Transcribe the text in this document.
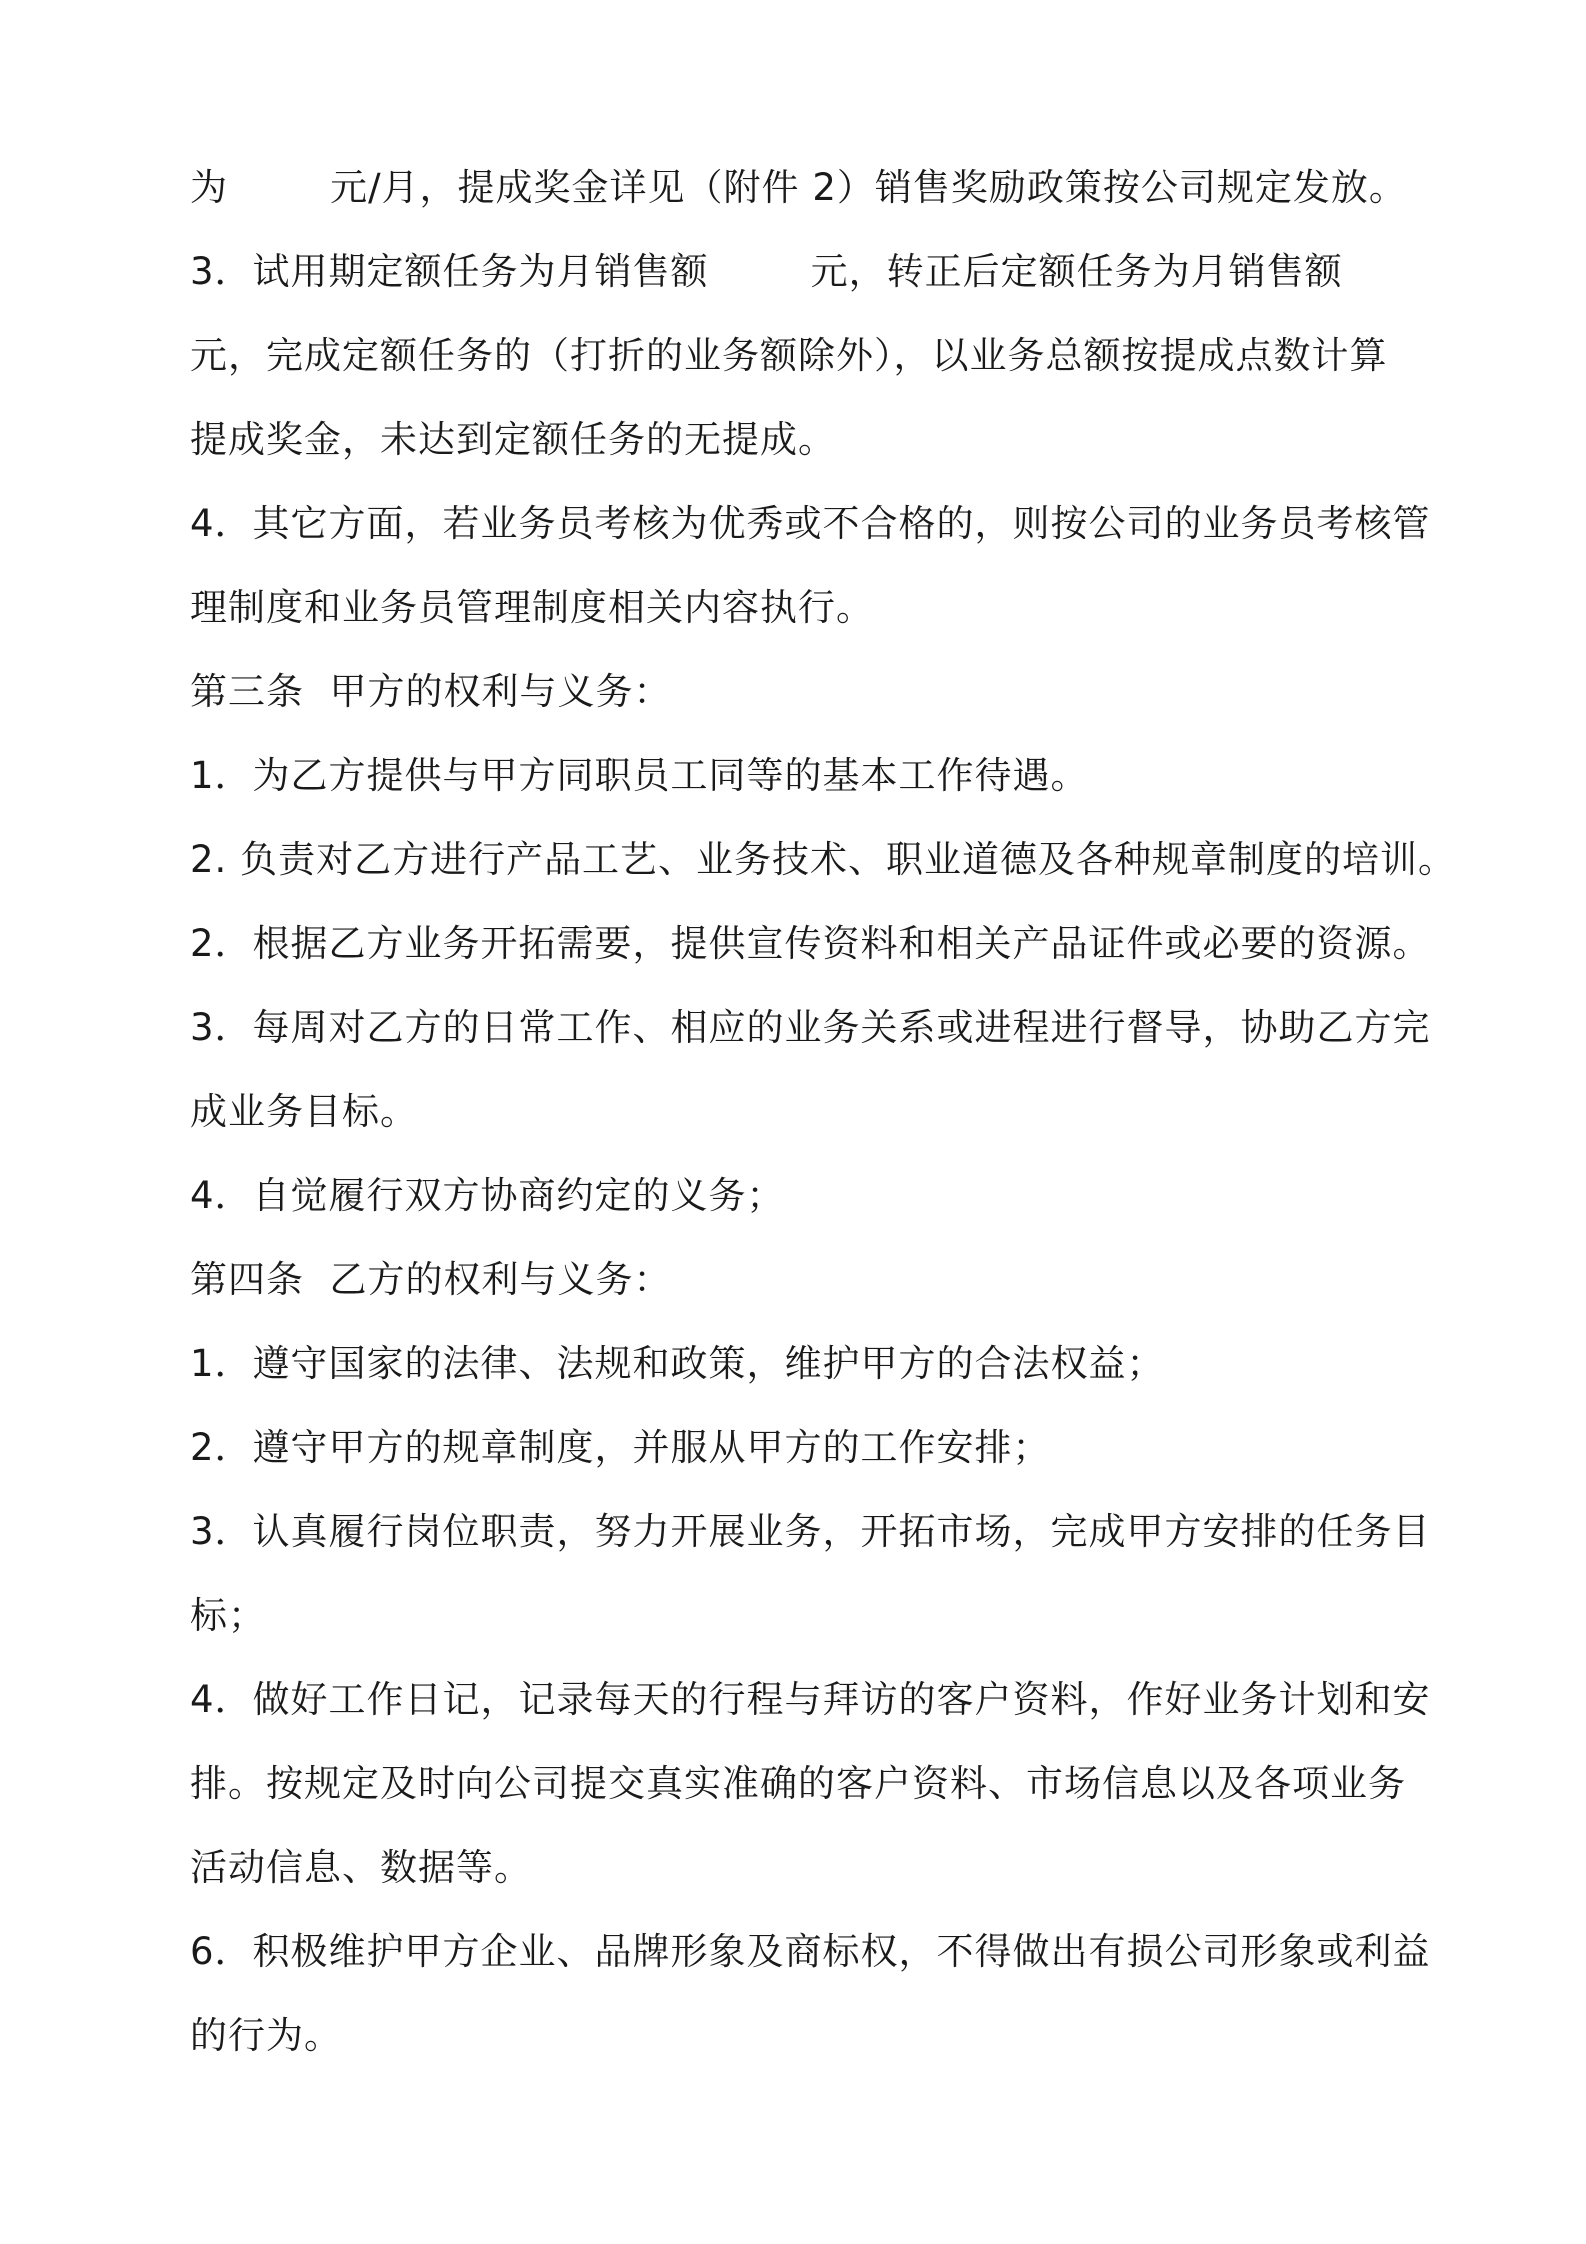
为        元/月，提成奖金详见（附件 2）销售奖励政策按公司规定发放。
3．试用期定额任务为月销售额        元，转正后定额任务为月销售额
元，完成定额任务的（打折的业务额除外），以业务总额按提成点数计算
提成奖金，未达到定额任务的无提成。
4．其它方面，若业务员考核为优秀或不合格的，则按公司的业务员考核管
理制度和业务员管理制度相关内容执行。
第三条  甲方的权利与义务：
1．为乙方提供与甲方同职员工同等的基本工作待遇。
2. 负责对乙方进行产品工艺、业务技术、职业道德及各种规章制度的培训。
2．根据乙方业务开拓需要，提供宣传资料和相关产品证件或必要的资源。
3．每周对乙方的日常工作、相应的业务关系或进程进行督导，协助乙方完
成业务目标。
4．自觉履行双方协商约定的义务；
第四条  乙方的权利与义务：
1．遵守国家的法律、法规和政策，维护甲方的合法权益；
2．遵守甲方的规章制度，并服从甲方的工作安排；
3．认真履行岗位职责，努力开展业务，开拓市场，完成甲方安排的任务目
标；
4．做好工作日记，记录每天的行程与拜访的客户资料，作好业务计划和安
排。按规定及时向公司提交真实准确的客户资料、市场信息以及各项业务
活动信息、数据等。
6．积极维护甲方企业、品牌形象及商标权，不得做出有损公司形象或利益
的行为。
